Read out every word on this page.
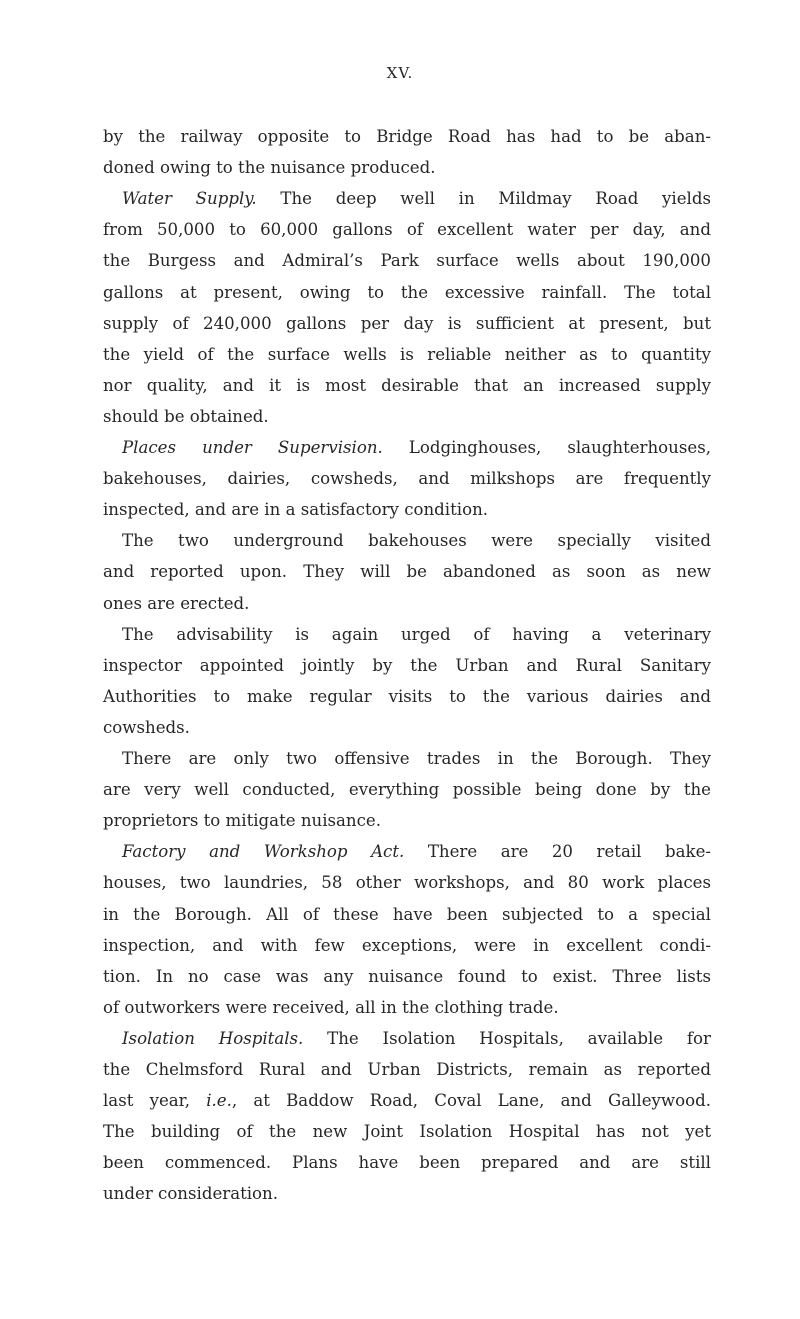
XV.
by the railway opposite to Bridge Road has had to be aban-
doned owing to the nuisance produced.
Water Supply. The deep well in Mildmay Road yields
from 50,000 to 60,000 gallons of excellent water per day, and
the Burgess and Admiral’s Park surface wells about 190,000
gallons at present, owing to the excessive rainfall. The total
supply of 240,000 gallons per day is sufficient at present, but
the yield of the surface wells is reliable neither as to quantity
nor quality, and it is most desirable that an increased supply
should be obtained.
Places under Supervision. Lodginghouses, slaughterhouses,
bakehouses, dairies, cowsheds, and milkshops are frequently
inspected, and are in a satisfactory condition.
The two underground bakehouses were specially visited
and reported upon. They will be abandoned as soon as new
ones are erected.
The advisability is again urged of having a veterinary
inspector appointed jointly by the Urban and Rural Sanitary
Authorities to make regular visits to the various dairies and
cowsheds.
There are only two offensive trades in the Borough. They
are very well conducted, everything possible being done by the
proprietors to mitigate nuisance.
Factory and Workshop Act. There are 20 retail bake-
houses, two laundries, 58 other workshops, and 80 work places
in the Borough. All of these have been subjected to a special
inspection, and with few exceptions, were in excellent condi-
tion. In no case was any nuisance found to exist. Three lists
of outworkers were received, all in the clothing trade.
Isolation Hospitals. The Isolation Hospitals, available for
the Chelmsford Rural and Urban Districts, remain as reported
last year, i.e., at Baddow Road, Coval Lane, and Galleywood.
The building of the new Joint Isolation Hospital has not yet
been commenced. Plans have been prepared and are still
under consideration.
